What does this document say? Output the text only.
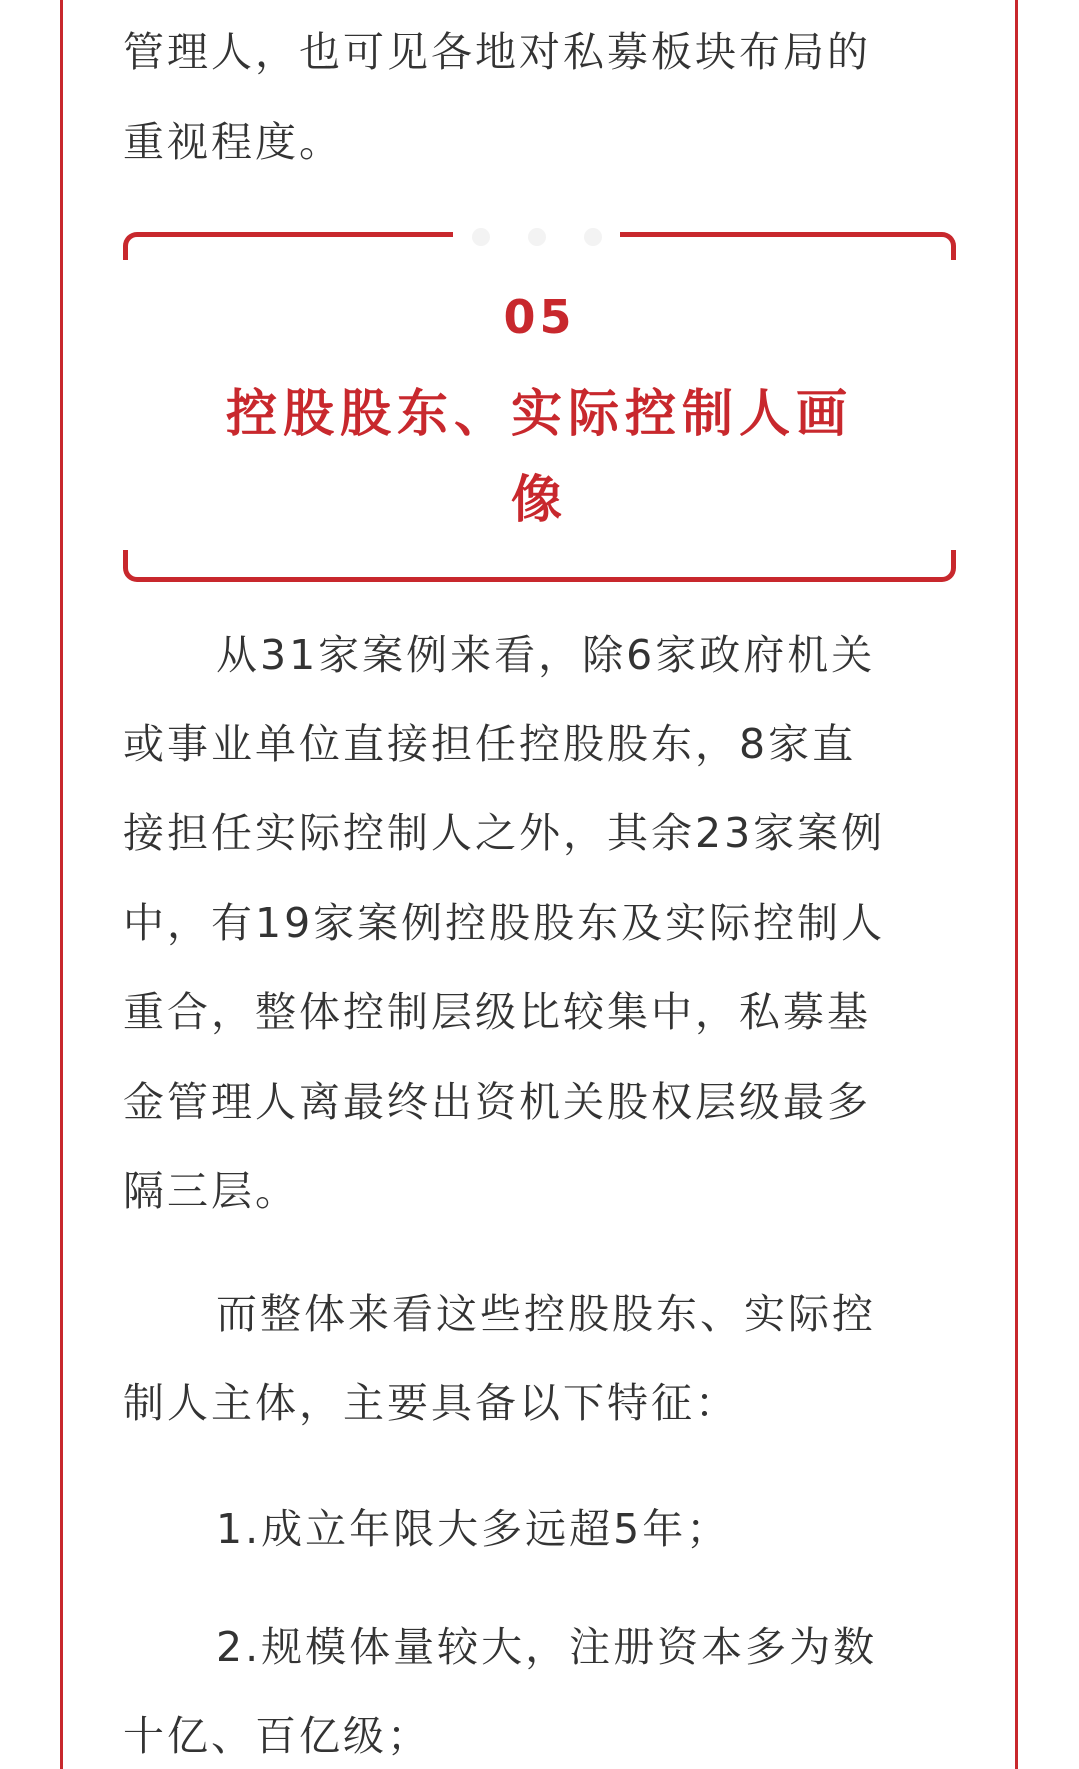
管理人，也可见各地对私募板块布局的
重视程度。
05
控股股东、实际控制人画像
从31家案例来看，除6家政府机关
或事业单位直接担任控股股东，8家直
接担任实际控制人之外，其余23家案例
中，有19家案例控股股东及实际控制人
重合，整体控制层级比较集中，私募基
金管理人离最终出资机关股权层级最多
隔三层。
而整体来看这些控股股东、实际控
制人主体，主要具备以下特征：
1.成立年限大多远超5年；
2.规模体量较大，注册资本多为数
十亿、百亿级；
